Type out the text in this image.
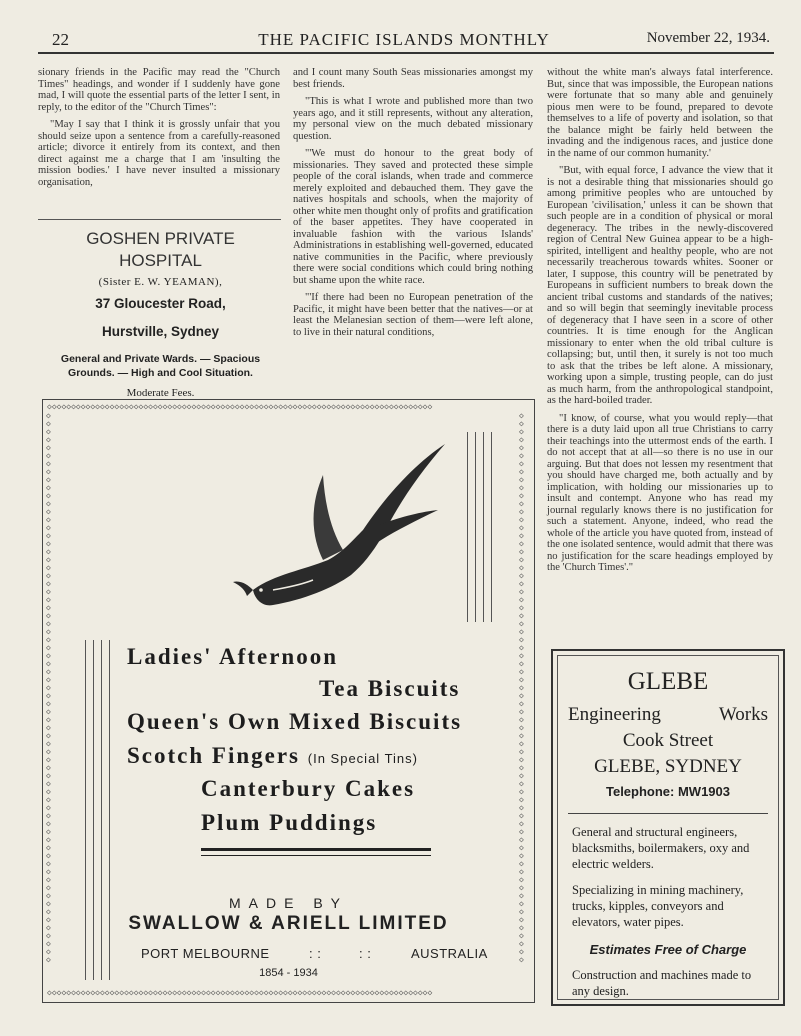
22	THE PACIFIC ISLANDS MONTHLY	November 22, 1934.

sionary friends in the Pacific may read the "Church Times" headings, and wonder if I suddenly have gone mad, I will quote the essential parts of the letter I sent, in reply, to the editor of the "Church Times":

"May I say that I think it is grossly unfair that you should seize upon a sentence from a carefully-reasoned article; divorce it entirely from its context, and then direct against me a charge that I am 'insulting the mission bodies.' I have never insulted a missionary organisation,

GOSHEN PRIVATE
HOSPITAL
(Sister E. W. YEAMAN),
37 Gloucester Road,
Hurstville, Sydney
General and Private Wards. — Spacious Grounds. — High and Cool Situation.
Moderate Fees.

and I count many South Seas missionaries amongst my best friends.

"This is what I wrote and published more than two years ago, and it still represents, without any alteration, my personal view on the much debated missionary question.

"'We must do honour to the great body of missionaries. They saved and protected these simple people of the coral islands, when trade and commerce merely exploited and debauched them. They gave the natives hospitals and schools, when the majority of other white men thought only of profits and gratification of the baser appetites. They have cooperated in invaluable fashion with the various Islands' Administrations in establishing well-governed, educated native communities in the Pacific, where previously there were social conditions which could bring nothing but shame upon the white race.

"'If there had been no European penetration of the Pacific, it might have been better that the natives—or at least the Melanesian section of them—were left alone, to live in their natural conditions,

without the white man's always fatal interference. But, since that was impossible, the European nations were fortunate that so many able and genuinely pious men were to be found, prepared to devote themselves to a life of poverty and isolation, so that the balance might be fairly held between the invading and the indigenous races, and justice done in the name of our common humanity.'

"But, with equal force, I advance the view that it is not a desirable thing that missionaries should go among primitive peoples who are untouched by European 'civilisation,' unless it can be shown that such people are in a condition of physical or moral degeneracy. The tribes in the newly-discovered region of Central New Guinea appear to be a high-spirited, intelligent and healthy people, who are not necessarily treacherous towards whites. Sooner or later, I suppose, this country will be penetrated by Europeans in sufficient numbers to break down the ancient tribal customs and standards of the natives; and so will begin that seemingly inevitable process of degeneracy that I have seen in a score of other countries. It is time enough for the Anglican missionary to enter when the old tribal culture is collapsing; but, until then, it surely is not too much to ask that the tribes be left alone. A missionary, working upon a simple, trusting people, can do just as much harm, from the anthropological standpoint, as the hard-boiled trader.

"I know, of course, what you would reply—that there is a duty laid upon all true Christians to carry their teachings into the uttermost ends of the earth. I do not accept that at all—so there is no use in our arguing. But that does not lessen my resentment that you should have charged me, both actually and by implication, with holding our missionaries up to insult and contempt. Anyone who has read my journal regularly knows there is no justification for such a statement. Anyone, indeed, who read the whole of the article you have quoted from, instead of the one isolated sentence, would admit that there was no justification for the scare headings employed by the 'Church Times'."

◇◇◇◇◇◇◇◇◇◇◇◇◇◇◇◇◇◇◇◇◇◇◇◇◇◇◇◇◇◇◇◇◇◇◇◇◇◇◇◇◇◇◇◇◇◇◇◇◇◇◇◇◇◇◇◇◇◇◇◇◇◇◇◇◇◇◇◇◇◇◇◇◇◇◇◇◇◇◇◇
◇◇◇◇◇◇◇◇◇◇◇◇◇◇◇◇◇◇◇◇◇◇◇◇◇◇◇◇◇◇◇◇◇◇◇◇◇◇◇◇◇◇◇◇◇◇◇◇◇◇◇◇◇◇◇◇◇◇◇◇◇◇◇◇◇◇◇◇◇◇◇◇◇◇◇◇◇◇◇◇
◇◇◇◇◇◇◇◇◇◇◇◇◇◇◇◇◇◇◇◇◇◇◇◇◇◇◇◇◇◇◇◇◇◇◇◇◇◇◇◇◇◇◇◇◇◇◇◇◇◇◇◇◇◇◇◇◇◇◇◇◇◇◇◇◇◇◇◇◇
◇◇◇◇◇◇◇◇◇◇◇◇◇◇◇◇◇◇◇◇◇◇◇◇◇◇◇◇◇◇◇◇◇◇◇◇◇◇◇◇◇◇◇◇◇◇◇◇◇◇◇◇◇◇◇◇◇◇◇◇◇◇◇◇◇◇◇◇◇
Ladies' Afternoon
Tea Biscuits
Queen's Own Mixed Biscuits
Scotch Fingers (In Special Tins)
Canterbury Cakes
Plum Puddings
MADE BY
SWALLOW & ARIELL LIMITED
PORT MELBOURNE	: :	: :	AUSTRALIA
1854 - 1934
GLEBE
Engineering	Works
Cook Street
GLEBE, SYDNEY
Telephone: MW1903
General and structural engineers, blacksmiths, boilermakers, oxy and electric welders.
Specializing in mining machinery, trucks, kipples, conveyors and elevators, water pipes.
Estimates Free of Charge
Construction and machines made to any design.
